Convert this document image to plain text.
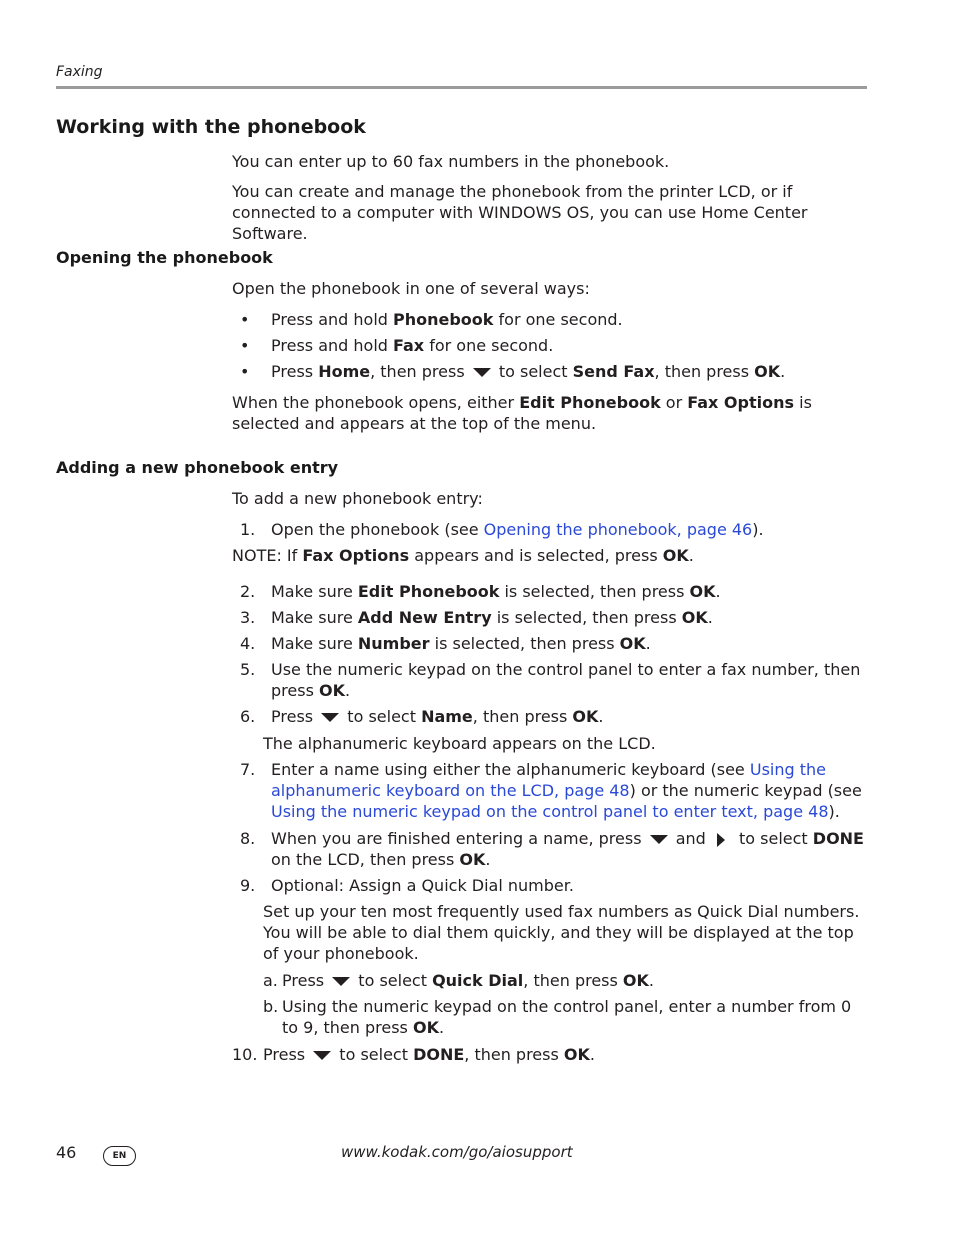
Faxing
Working with the phonebook
You can enter up to 60 fax numbers in the phonebook.
You can create and manage the phonebook from the printer LCD, or if connected to a computer with WINDOWS OS, you can use Home Center Software.
Opening the phonebook
Open the phonebook in one of several ways:
• Press and hold Phonebook for one second.
• Press and hold Fax for one second.
• Press Home, then press  to select Send Fax, then press OK.
When the phonebook opens, either Edit Phonebook or Fax Options is selected and appears at the top of the menu.
Adding a new phonebook entry
To add a new phonebook entry:
1. Open the phonebook (see Opening the phonebook, page 46).
NOTE: If Fax Options appears and is selected, press OK.
2. Make sure Edit Phonebook is selected, then press OK.
3. Make sure Add New Entry is selected, then press OK.
4. Make sure Number is selected, then press OK.
5. Use the numeric keypad on the control panel to enter a fax number, then press OK.
6. Press  to select Name, then press OK.
The alphanumeric keyboard appears on the LCD.
7. Enter a name using either the alphanumeric keyboard (see Using the alphanumeric keyboard on the LCD, page 48) or the numeric keypad (see Using the numeric keypad on the control panel to enter text, page 48).
8. When you are finished entering a name, press  and  to select DONE on the LCD, then press OK.
9. Optional: Assign a Quick Dial number.
Set up your ten most frequently used fax numbers as Quick Dial numbers. You will be able to dial them quickly, and they will be displayed at the top of your phonebook.
a. Press  to select Quick Dial, then press OK.
b. Using the numeric keypad on the control panel, enter a number from 0 to 9, then press OK.
10. Press  to select DONE, then press OK.
46	EN	www.kodak.com/go/aiosupport
